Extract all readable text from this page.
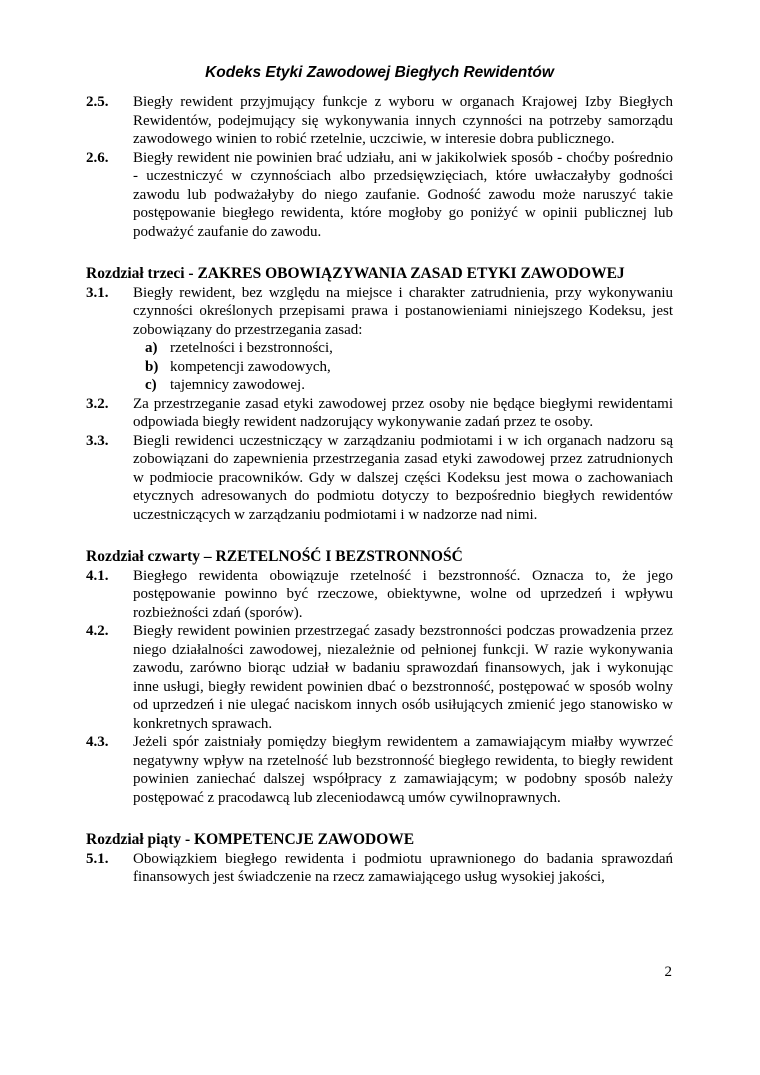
Kodeks Etyki Zawodowej Biegłych Rewidentów
2.5.	Biegły rewident przyjmujący funkcje z wyboru w organach Krajowej Izby Biegłych Rewidentów, podejmujący się wykonywania innych czynności na potrzeby samorządu zawodowego winien to robić rzetelnie, uczciwie, w interesie dobra publicznego.

2.6.	Biegły rewident nie powinien brać udziału, ani w jakikolwiek sposób - choćby pośrednio - uczestniczyć w czynnościach albo przedsięwzięciach, które uwłaczałyby godności zawodu lub podważałyby do niego zaufanie. Godność zawodu może naruszyć takie postępowanie biegłego rewidenta, które mogłoby go poniżyć w opinii publicznej lub podważyć zaufanie do zawodu.

Rozdział trzeci - ZAKRES OBOWIĄZYWANIA ZASAD ETYKI ZAWODOWEJ
3.1.	Biegły rewident, bez względu na miejsce i charakter zatrudnienia, przy wykonywaniu czynności określonych przepisami prawa i postanowieniami niniejszego Kodeksu, jest zobowiązany do przestrzegania zasad:

a) rzetelności i bezstronności,
b) kompetencji zawodowych,
c) tajemnicy zawodowej.
3.2.	Za przestrzeganie zasad etyki zawodowej przez osoby nie będące biegłymi rewidentami odpowiada biegły rewident nadzorujący wykonywanie zadań przez te osoby.

3.3.	Biegli rewidenci uczestniczący w zarządzaniu podmiotami i w ich organach nadzoru są zobowiązani do zapewnienia przestrzegania zasad etyki zawodowej przez zatrudnionych w podmiocie pracowników. Gdy w dalszej części Kodeksu jest mowa o zachowaniach etycznych adresowanych do podmiotu dotyczy to bezpośrednio biegłych rewidentów uczestniczących w zarządzaniu podmiotami i w nadzorze nad nimi.

Rozdział czwarty – RZETELNOŚĆ I BEZSTRONNOŚĆ
4.1.	Biegłego rewidenta obowiązuje rzetelność i bezstronność. Oznacza to, że jego postępowanie powinno być rzeczowe, obiektywne, wolne od uprzedzeń i wpływu rozbieżności zdań (sporów).

4.2.	Biegły rewident powinien przestrzegać zasady bezstronności podczas prowadzenia przez niego działalności zawodowej, niezależnie od pełnionej funkcji. W razie wykonywania zawodu, zarówno biorąc udział w badaniu sprawozdań finansowych, jak i wykonując inne usługi, biegły rewident powinien dbać o bezstronność, postępować w sposób wolny od uprzedzeń i nie ulegać naciskom innych osób usiłujących zmienić jego stanowisko w konkretnych sprawach.

4.3.	Jeżeli spór zaistniały pomiędzy biegłym rewidentem a zamawiającym miałby wywrzeć negatywny wpływ na rzetelność lub bezstronność biegłego rewidenta, to biegły rewident powinien zaniechać dalszej współpracy z zamawiającym; w podobny sposób należy postępować z pracodawcą lub zleceniodawcą umów cywilnoprawnych.

Rozdział piąty - KOMPETENCJE ZAWODOWE
5.1.	Obowiązkiem biegłego rewidenta i podmiotu uprawnionego do badania sprawozdań finansowych jest świadczenie na rzecz zamawiającego usług wysokiej jakości,

2
